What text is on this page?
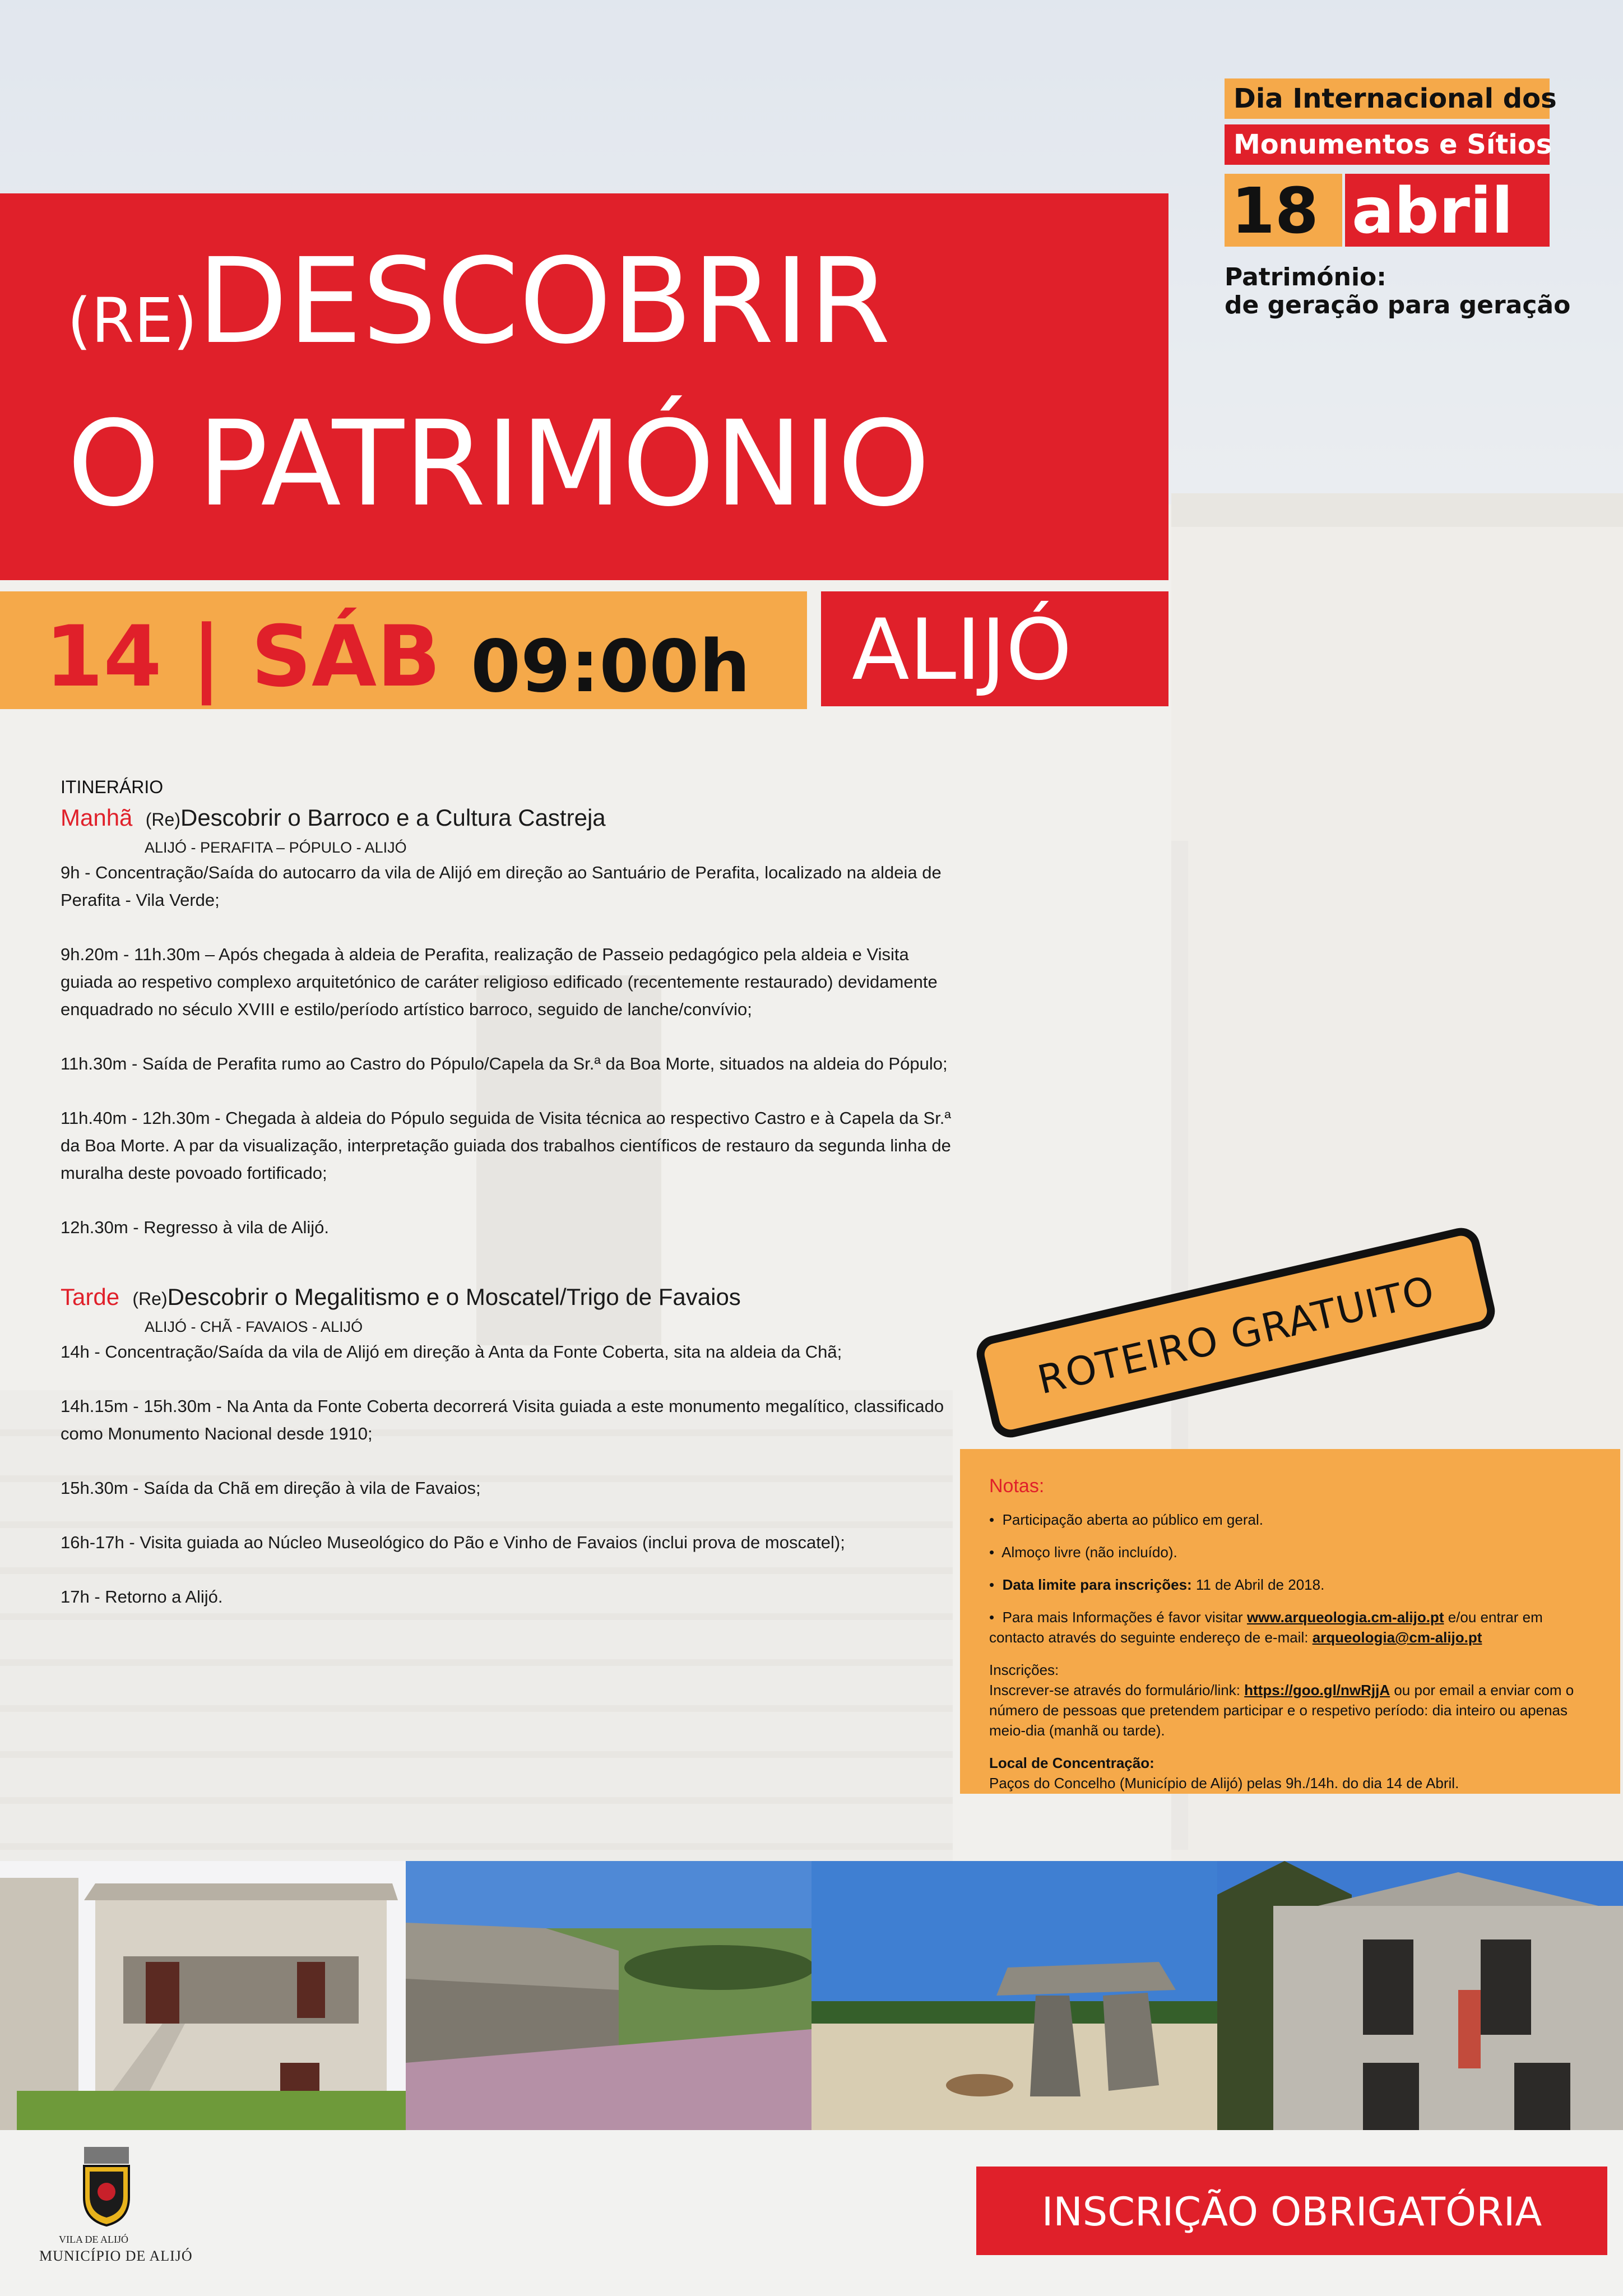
(RE)DESCOBRIR
O PATRIMÓNIO
14 | SÁB 09:00h ALIJÓ
Dia Internacional dos
Monumentos e Sítios
18 abril
Património:
de geração para geração

ITINERÁRIO

Manhã (Re)Descobrir o Barroco e a Cultura Castreja

ALIJÓ - PERAFITA – PÓPULO - ALIJÓ

9h - Concentração/Saída do autocarro da vila de Alijó em direção ao Santuário de Perafita, localizado na aldeia de Perafita - Vila Verde;

9h.20m - 11h.30m – Após chegada à aldeia de Perafita, realização de Passeio pedagógico pela aldeia e Visita guiada ao respetivo complexo arquitetónico de caráter religioso edificado (recentemente restaurado) devidamente enquadrado no século XVIII e estilo/período artístico barroco, seguido de lanche/convívio;

11h.30m - Saída de Perafita rumo ao Castro do Pópulo/Capela da Sr.ª da Boa Morte, situados na aldeia do Pópulo;

11h.40m - 12h.30m - Chegada à aldeia do Pópulo seguida de Visita técnica ao respectivo Castro e à Capela da Sr.ª da Boa Morte. A par da visualização, interpretação guiada dos trabalhos científicos de restauro da segunda linha de muralha deste povoado fortificado;

12h.30m - Regresso à vila de Alijó.

Tarde (Re)Descobrir o Megalitismo e o Moscatel/Trigo de Favaios

ALIJÓ - CHÃ - FAVAIOS - ALIJÓ

14h - Concentração/Saída da vila de Alijó em direção à Anta da Fonte Coberta, sita na aldeia da Chã;

14h.15m - 15h.30m - Na Anta da Fonte Coberta decorrerá Visita guiada a este monumento megalítico, classificado como Monumento Nacional desde 1910;

15h.30m - Saída da Chã em direção à vila de Favaios;

16h-17h - Visita guiada ao Núcleo Museológico do Pão e Vinho de Favaios (inclui prova de moscatel);

17h - Retorno a Alijó.

ROTEIRO GRATUITO

Notas:

•  Participação aberta ao público em geral.

•  Almoço livre (não incluído).

•  Data limite para inscrições: 11 de Abril de 2018.

•  Para mais Informações é favor visitar www.arqueologia.cm-alijo.pt e/ou entrar em contacto através do seguinte endereço de e-mail: arqueologia@cm-alijo.pt

Inscrições:
Inscrever-se através do formulário/link: https://goo.gl/nwRjjA ou por email a enviar com o número de pessoas que pretendem participar e o respetivo período: dia inteiro ou apenas meio-dia (manhã ou tarde).

Local de Concentração:
Paços do Concelho (Município de Alijó) pelas 9h./14h. do dia 14 de Abril.

VILA DE ALIJÓ
MUNICÍPIO DE ALIJÓ
INSCRIÇÃO OBRIGATÓRIA
